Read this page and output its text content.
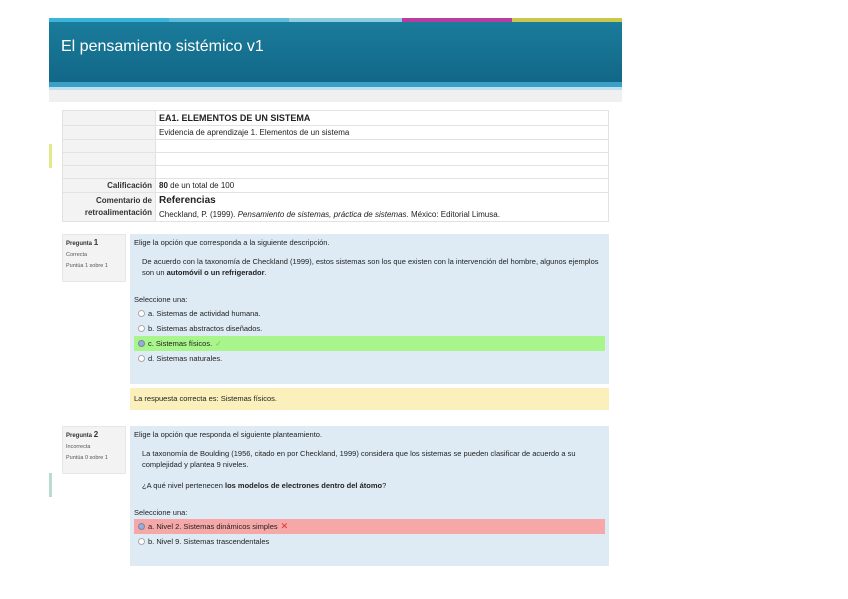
El pensamiento sistémico v1
	EA1. ELEMENTOS DE UN SISTEMA
	Evidencia de aprendizaje 1. Elementos de un sistema

Calificación	80 de un total de 100
Comentario de retroalimentación	Referencias
Checkland, P. (1999). Pensamiento de sistemas, práctica de sistemas. México: Editorial Limusa.
Pregunta 1
Correcta
Puntúa 1 sobre 1

Elige la opción que corresponda a la siguiente descripción.

De acuerdo con la taxonomía de Checkland (1999), estos sistemas son los que existen con la intervención del hombre, algunos ejemplos son un automóvil o un refrigerador.

Seleccione una:

a. Sistemas de actividad humana.
b. Sistemas abstractos diseñados.
c. Sistemas físicos. ✓
d. Sistemas naturales.
La respuesta correcta es: Sistemas físicos.
Pregunta 2
Incorrecta
Puntúa 0 sobre 1

Elige la opción que responda el siguiente planteamiento.

La taxonomía de Boulding (1956, citado en por Checkland, 1999) considera que los sistemas se pueden clasificar de acuerdo a su complejidad y plantea 9 niveles.

¿A qué nivel pertenecen los modelos de electrones dentro del átomo?

Seleccione una:

a. Nivel 2. Sistemas dinámicos simples ✕
b. Nivel 9. Sistemas trascendentales
